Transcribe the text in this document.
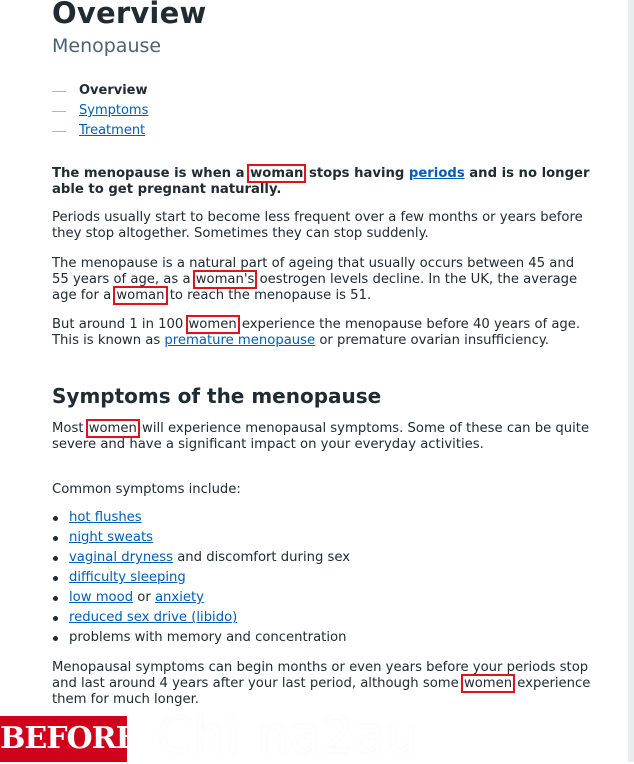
Overview
Menopause
Overview
Symptoms
Treatment

The menopause is when a woman stops having periods and is no longer able to get pregnant naturally.

Periods usually start to become less frequent over a few months or years before they stop altogether. Sometimes they can stop suddenly.

The menopause is a natural part of ageing that usually occurs between 45 and 55 years of age, as a woman's oestrogen levels decline. In the UK, the average age for a woman to reach the menopause is 51.

But around 1 in 100 women experience the menopause before 40 years of age. This is known as premature menopause or premature ovarian insufficiency.

Symptoms of the menopause

Most women will experience menopausal symptoms. Some of these can be quite severe and have a significant impact on your everyday activities.

Common symptoms include:

hot flushes
night sweats
vaginal dryness and discomfort during sex
difficulty sleeping
low mood or anxiety
reduced sex drive (libido)
problems with memory and concentration

Menopausal symptoms can begin months or even years before your periods stop and last around 4 years after your last period, although some women experience them for much longer.

BEFORE Chi na2au
